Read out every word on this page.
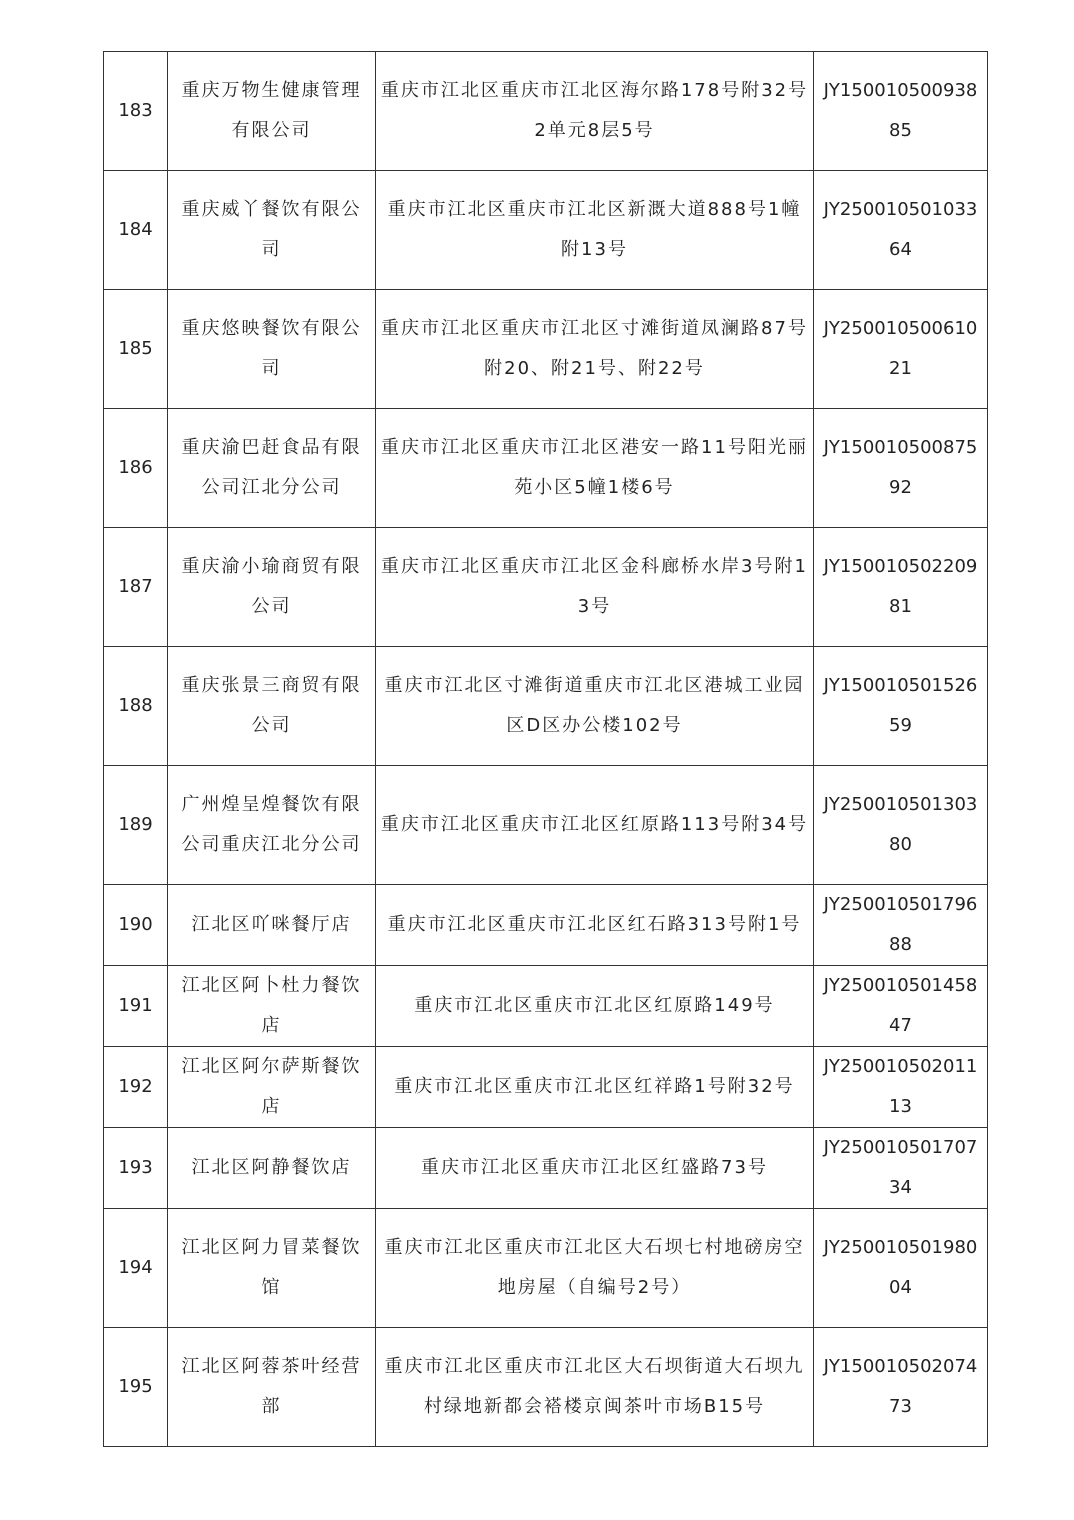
183	重庆万物生健康管理有限公司	重庆市江北区重庆市江北区海尔路178号附32号2单元8层5号	JY15001050093885
184	重庆威丫餐饮有限公司	重庆市江北区重庆市江北区新溉大道888号1幢附13号	JY25001050103364
185	重庆悠映餐饮有限公司	重庆市江北区重庆市江北区寸滩街道凤澜路87号附20、附21号、附22号	JY25001050061021
186	重庆渝巴赶食品有限公司江北分公司	重庆市江北区重庆市江北区港安一路11号阳光丽苑小区5幢1楼6号	JY15001050087592
187	重庆渝小瑜商贸有限公司	重庆市江北区重庆市江北区金科廊桥水岸3号附13号	JY15001050220981
188	重庆张景三商贸有限公司	重庆市江北区寸滩街道重庆市江北区港城工业园区D区办公楼102号	JY15001050152659
189	广州煌呈煌餐饮有限公司重庆江北分公司	重庆市江北区重庆市江北区红原路113号附34号	JY25001050130380
190	江北区吖咪餐厅店	重庆市江北区重庆市江北区红石路313号附1号	JY25001050179688
191	江北区阿卜杜力餐饮店	重庆市江北区重庆市江北区红原路149号	JY25001050145847
192	江北区阿尔萨斯餐饮店	重庆市江北区重庆市江北区红祥路1号附32号	JY25001050201113
193	江北区阿静餐饮店	重庆市江北区重庆市江北区红盛路73号	JY25001050170734
194	江北区阿力冒菜餐饮馆	重庆市江北区重庆市江北区大石坝七村地磅房空地房屋（自编号2号）	JY25001050198004
195	江北区阿蓉茶叶经营部	重庆市江北区重庆市江北区大石坝街道大石坝九村绿地新都会褡楼京闽茶叶市场B15号	JY15001050207473
